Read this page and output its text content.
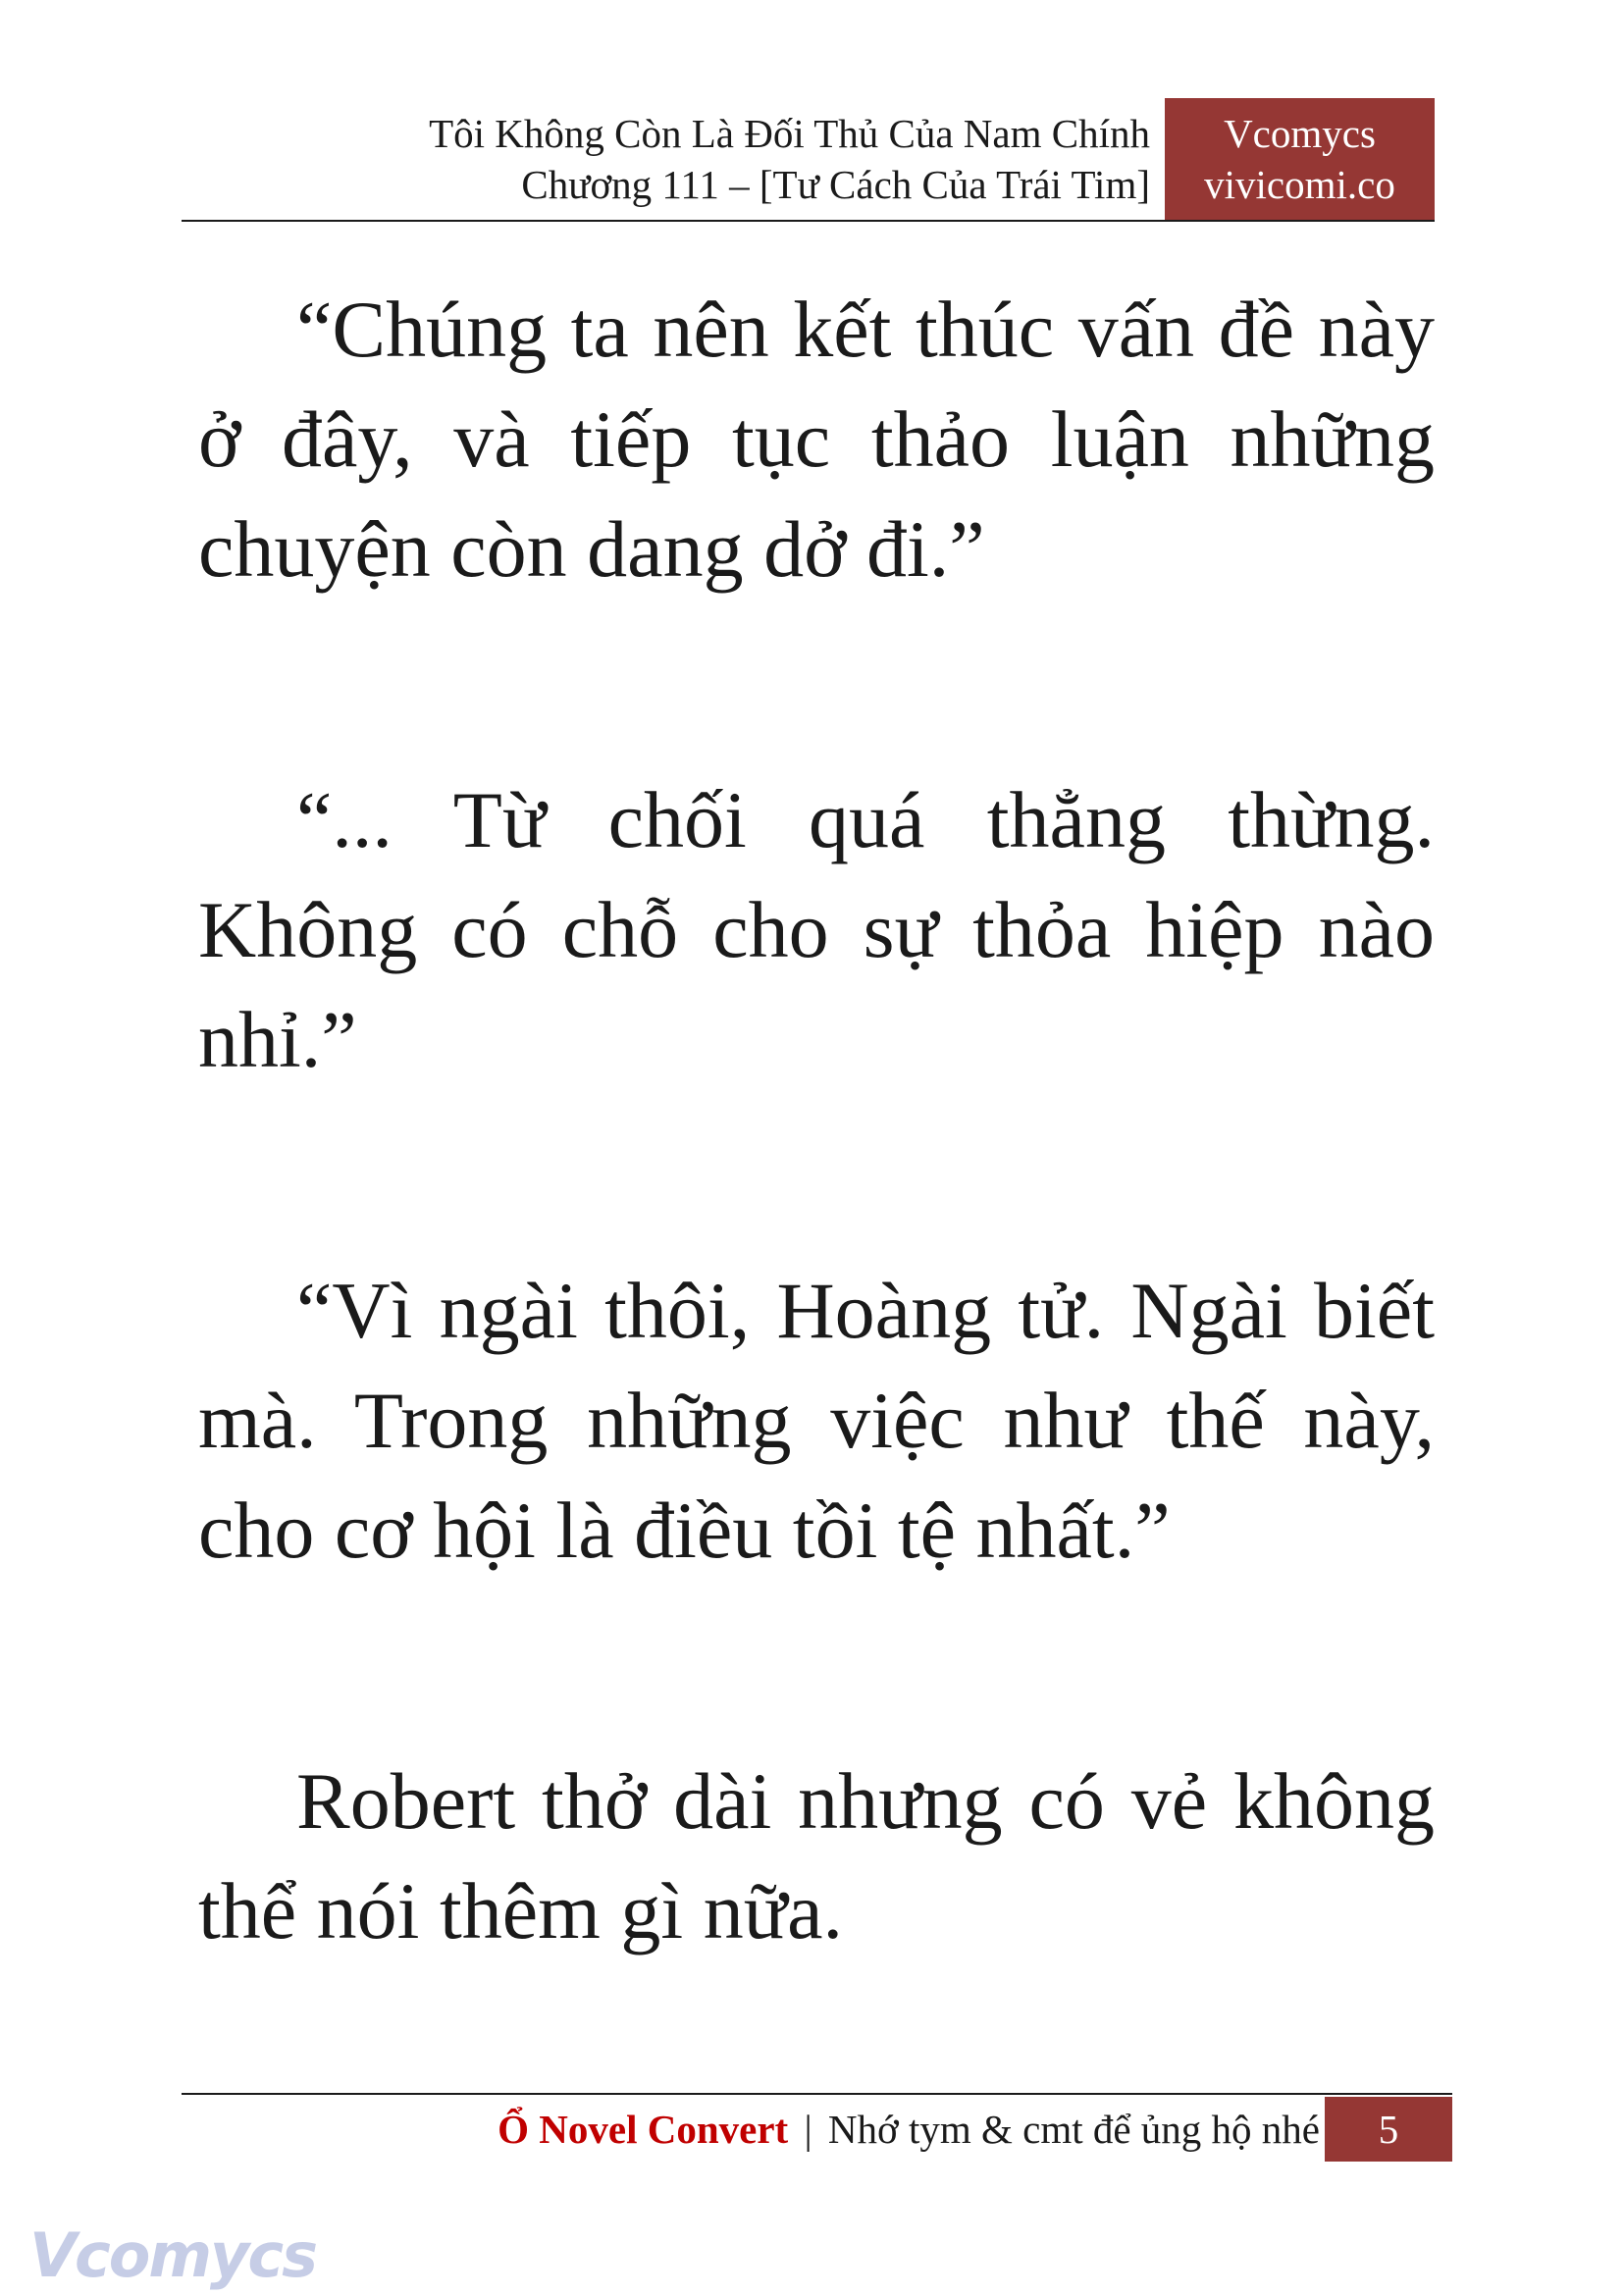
Tôi Không Còn Là Đối Thủ Của Nam Chính
Chương 111 – [Tư Cách Của Trái Tim]
Vcomycs
vivicomi.co

“Chúng ta nên kết thúc vấn đề này ở đây, và tiếp tục thảo luận những chuyện còn dang dở đi.”

“... Từ chối quá thẳng thừng. Không có chỗ cho sự thỏa hiệp nào nhỉ.”

“Vì ngài thôi, Hoàng tử. Ngài biết mà. Trong những việc như thế này, cho cơ hội là điều tồi tệ nhất.”

Robert thở dài nhưng có vẻ không thể nói thêm gì nữa.

Ổ Novel Convert | Nhớ tym & cmt để ủng hộ nhé	5
Vcomycs
